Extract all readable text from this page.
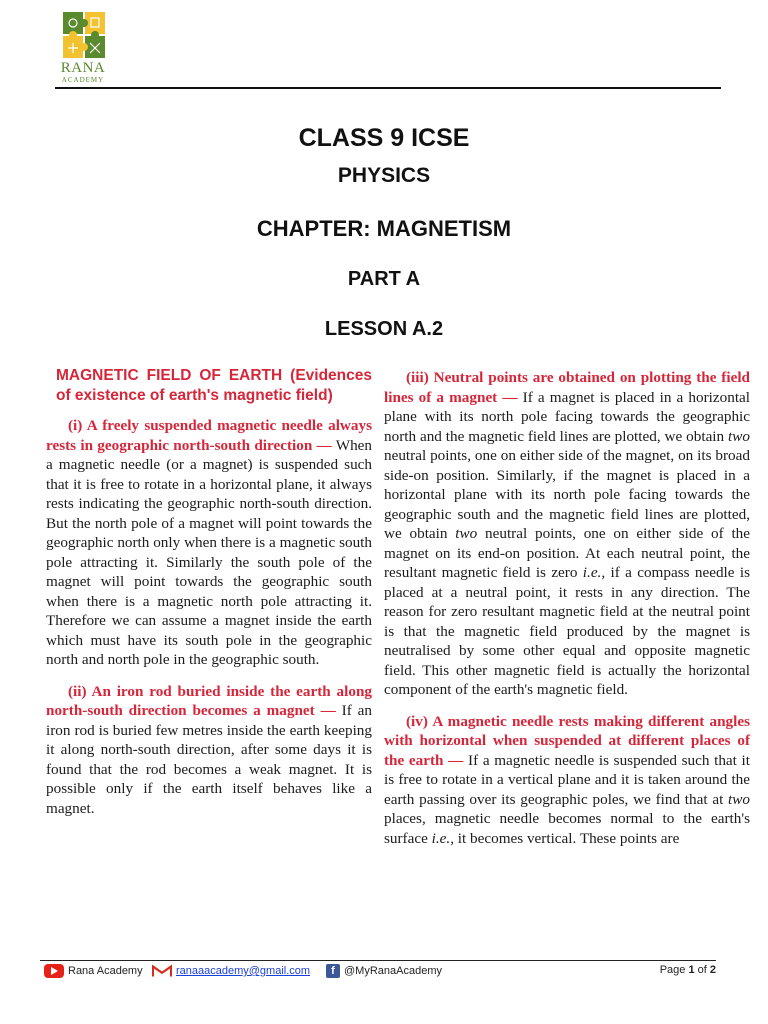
RANA
ACADEMY
CLASS 9 ICSE
PHYSICS
CHAPTER: MAGNETISM
PART A
LESSON A.2
MAGNETIC FIELD OF EARTH (Evidences of existence of earth's magnetic field)

(i) A freely suspended magnetic needle always rests in geographic north-south direction — When a magnetic needle (or a magnet) is suspended such that it is free to rotate in a horizontal plane, it always rests indicating the geographic north-south direction. But the north pole of a magnet will point towards the geographic north only when there is a magnetic south pole attracting it. Similarly the south pole of the magnet will point towards the geographic south when there is a magnetic north pole attracting it. Therefore we can assume a magnet inside the earth which must have its south pole in the geographic north and north pole in the geographic south.

(ii) An iron rod buried inside the earth along north-south direction becomes a magnet — If an iron rod is buried few metres inside the earth keeping it along north-south direction, after some days it is found that the rod becomes a weak magnet. It is possible only if the earth itself behaves like a magnet.

(iii) Neutral points are obtained on plotting the field lines of a magnet — If a magnet is placed in a horizontal plane with its north pole facing towards the geographic north and the magnetic field lines are plotted, we obtain two neutral points, one on either side of the magnet, on its broad side-on position. Similarly, if the magnet is placed in a horizontal plane with its north pole facing towards the geographic south and the magnetic field lines are plotted, we obtain two neutral points, one on either side of the magnet on its end-on position. At each neutral point, the resultant magnetic field is zero i.e., if a compass needle is placed at a neutral point, it rests in any direction. The reason for zero resultant magnetic field at the neutral point is that the magnetic field produced by the magnet is neutralised by some other equal and opposite magnetic field. This other magnetic field is actually the horizontal component of the earth's magnetic field.

(iv) A magnetic needle rests making different angles with horizontal when suspended at different places of the earth — If a magnetic needle is suspended such that it is free to rotate in a vertical plane and it is taken around the earth passing over its geographic poles, we find that at two places, magnetic needle becomes normal to the earth's surface i.e., it becomes vertical. These points are

Rana Academy	ranaaacademy@gmail.com	f @MyRanaAcademy	Page 1 of 2
